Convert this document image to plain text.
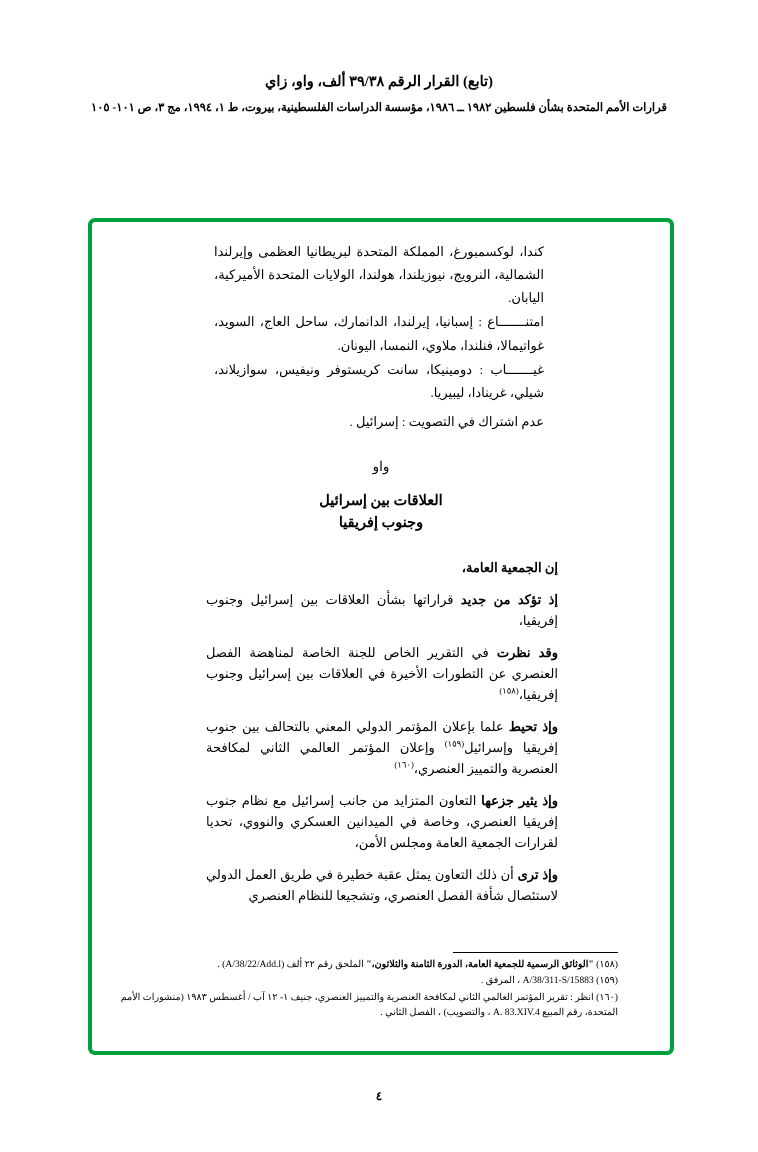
(تابع) القرار الرقم ٣٩/٣٨ ألف، واو، زاي
قرارات الأمم المتحدة بشأن فلسطين ١٩٨٢ ــ ١٩٨٦، مؤسسة الدراسات الفلسطينية، بيروت، ط ١، ١٩٩٤، مج ٣، ص ١٠١- ١٠٥

كندا، لوكسمبورغ، المملكة المتحدة لبريطانيا العظمى وإيرلندا الشمالية، النرويج، نيوزيلندا، هولندا، الولايات المتحدة الأميركية، اليابان.

امتنـــــــاع : إسبانيا، إيرلندا، الدانمارك، ساحل العاج، السويد، غواتيمالا، فنلندا، ملاوي، النمسا، اليونان.

غيـــــــاب : دومينيكا، سانت كريستوفر ونيفيس، سوازيلاند، شيلي، غرينادا، ليبيريا.

عدم اشتراك في التصويت : إسرائيل .

واو
العلاقات بين إسرائيل
وجنوب إفريقيا

إن الجمعية العامة،

إذ تؤكد من جديد قراراتها بشأن العلاقات بين إسرائيل وجنوب إفريقيا،

وقد نظرت في التقرير الخاص للجنة الخاصة لمناهضة الفصل العنصري عن التطورات الأخيرة في العلاقات بين إسرائيل وجنوب إفريقيا،$^{(١٥٨)}$

وإذ تحيط علما بإعلان المؤتمر الدولي المعني بالتحالف بين جنوب إفريقيا وإسرائيل$^{(١٥٩)}$ وإعلان المؤتمر العالمي الثاني لمكافحة العنصرية والتمييز العنصري،$^{(١٦٠)}$

وإذ يثير جزعها التعاون المتزايد من جانب إسرائيل مع نظام جنوب إفريقيا العنصري، وخاصة في الميدانين العسكري والنووي، تحديا لقرارات الجمعية العامة ومجلس الأمن،

وإذ ترى أن ذلك التعاون يمثل عقبة خطيرة في طريق العمل الدولي لاستئصال شأفة الفصل العنصري، وتشجيعا للنظام العنصري

(١٥٨) "الوثائق الرسمية للجمعية العامة، الدورة الثامنة والثلاثون،" الملحق رقم ٢٢ ألف (A/38/22/Add.l) .

(١٥٩) A/38/311-S/15883 ، المرفق .

(١٦٠) انظر : تقرير المؤتمر العالمي الثاني لمكافحة العنصرية والتمييز العنصري، جنيف ١- ١٢ آب / أغسطس ١٩٨٣ (منشورات الأمم المتحدة، رقم المبيع A. 83.XIV.4 ، والتصويب) ، الفصل الثاني .

٤
